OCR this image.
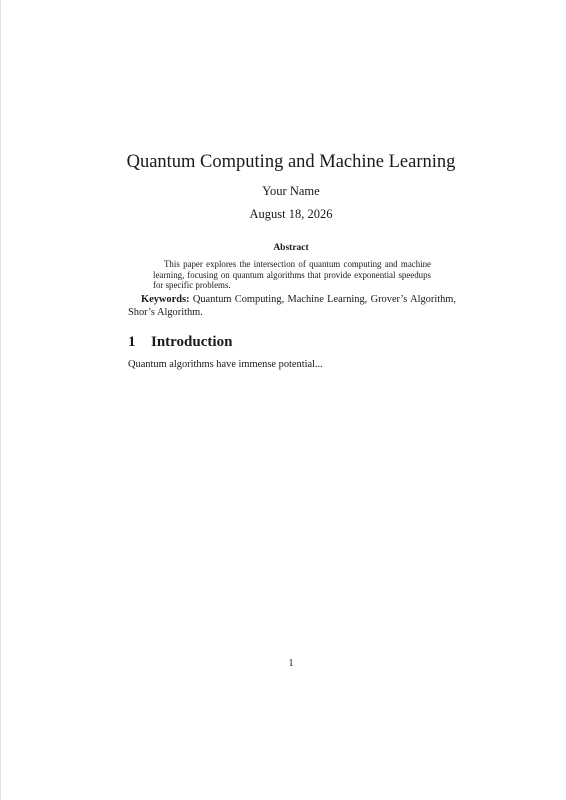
Quantum Computing and Machine Learning
Your Name
August 18, 2026
Abstract
This paper explores the intersection of quantum computing and machine learning, focusing on quantum algorithms that provide exponential speedups for specific problems.
Keywords: Quantum Computing, Machine Learning, Grover’s Algorithm, Shor’s Algorithm.
1 Introduction
Quantum algorithms have immense potential...
1
